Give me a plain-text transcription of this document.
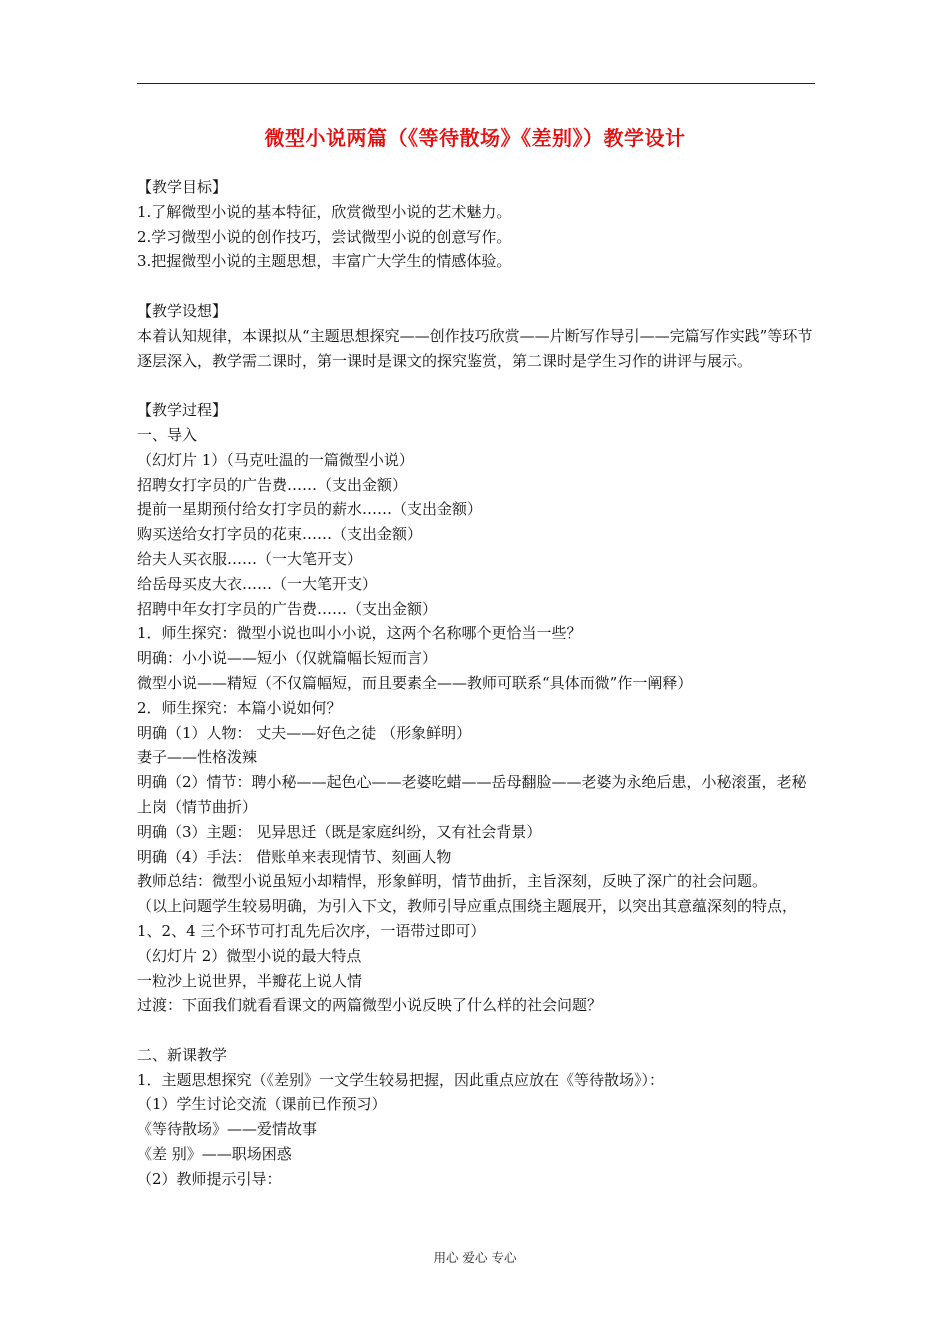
微型小说两篇（《等待散场》《差别》）教学设计

【教学目标】

1.了解微型小说的基本特征，欣赏微型小说的艺术魅力。

2.学习微型小说的创作技巧，尝试微型小说的创意写作。

3.把握微型小说的主题思想，丰富广大学生的情感体验。

【教学设想】

本着认知规律，本课拟从“主题思想探究——创作技巧欣赏——片断写作导引——完篇写作实践”等环节逐层深入，教学需二课时，第一课时是课文的探究鉴赏，第二课时是学生习作的讲评与展示。

【教学过程】

一、导入

（幻灯片 1）（马克吐温的一篇微型小说）

招聘女打字员的广告费……（支出金额）

提前一星期预付给女打字员的薪水……（支出金额）

购买送给女打字员的花束……（支出金额）

给夫人买衣服……（一大笔开支）

给岳母买皮大衣……（一大笔开支）

招聘中年女打字员的广告费……（支出金额）

1．师生探究：微型小说也叫小小说，这两个名称哪个更恰当一些？

明确：小小说——短小（仅就篇幅长短而言）

微型小说——精短（不仅篇幅短，而且要素全——教师可联系“具体而微”作一阐释）

2．师生探究：本篇小说如何？

明确（1）人物： 丈夫——好色之徒 （形象鲜明）

妻子——性格泼辣

明确（2）情节：聘小秘——起色心——老婆吃蜡——岳母翻脸——老婆为永绝后患，小秘滚蛋，老秘上岗（情节曲折）

明确（3）主题： 见异思迁（既是家庭纠纷，又有社会背景）

明确（4）手法： 借账单来表现情节、刻画人物

教师总结：微型小说虽短小却精悍，形象鲜明，情节曲折，主旨深刻，反映了深广的社会问题。

（以上问题学生较易明确，为引入下文，教师引导应重点围绕主题展开，以突出其意蕴深刻的特点，1、2、4 三个环节可打乱先后次序，一语带过即可）

（幻灯片 2）微型小说的最大特点

一粒沙上说世界，半瓣花上说人情

过渡：下面我们就看看课文的两篇微型小说反映了什么样的社会问题？

二、新课教学

1．主题思想探究（《差别》一文学生较易把握，因此重点应放在《等待散场》）：

（1）学生讨论交流（课前已作预习）

《等待散场》——爱情故事

《差 别》——职场困惑

（2）教师提示引导：

用心 爱心 专心
